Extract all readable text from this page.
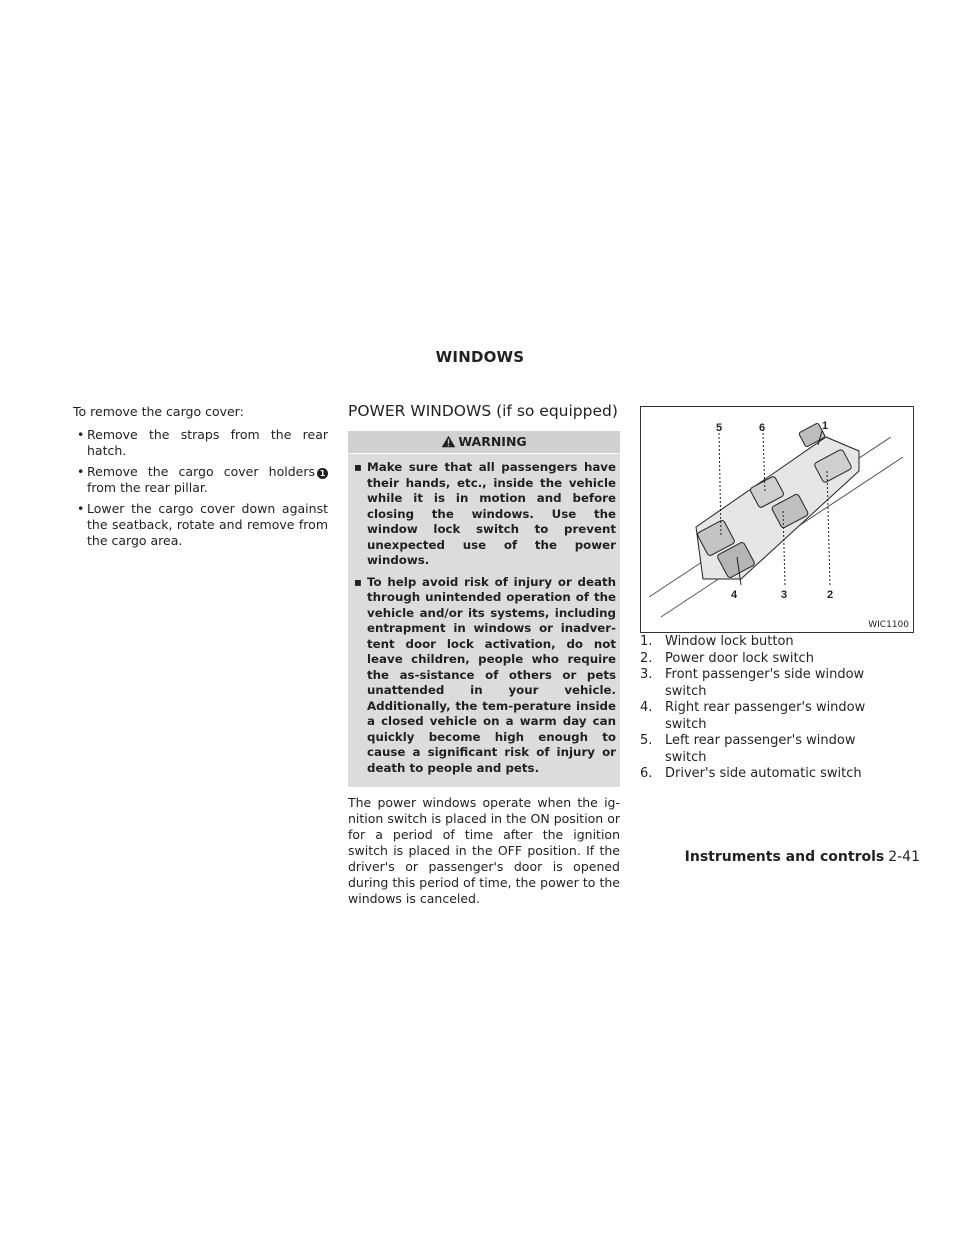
WINDOWS

To remove the cargo cover:

• Remove the straps from the rear hatch.
• Remove the cargo cover holders 1 from the rear pillar.
• Lower the cargo cover down against the seatback, rotate and remove from the cargo area.
POWER WINDOWS (if so equipped)
WARNING
▪ Make sure that all passengers have their hands, etc., inside the vehicle while it is in motion and before closing the windows. Use the window lock switch to prevent unexpected use of the power windows.
▪ To help avoid risk of injury or death through unintended operation of the vehicle and/or its systems, including entrapment in windows or inadver-tent door lock activation, do not leave children, people who require the as-sistance of others or pets unattended in your vehicle. Additionally, the tem-perature inside a closed vehicle on a warm day can quickly become high enough to cause a significant risk of injury or death to people and pets.

The power windows operate when the ig-nition switch is placed in the ON position or for a period of time after the ignition switch is placed in the OFF position. If the driver's or passenger's door is opened during this period of time, the power to the windows is canceled.

1
2
3
4
5	6
WIC1100
1. Window lock button
2. Power door lock switch
3. Front passenger's side window
switch
4. Right rear passenger's window
switch
5. Left rear passenger's window
switch
6. Driver's side automatic switch
Instruments and controls 2-41
